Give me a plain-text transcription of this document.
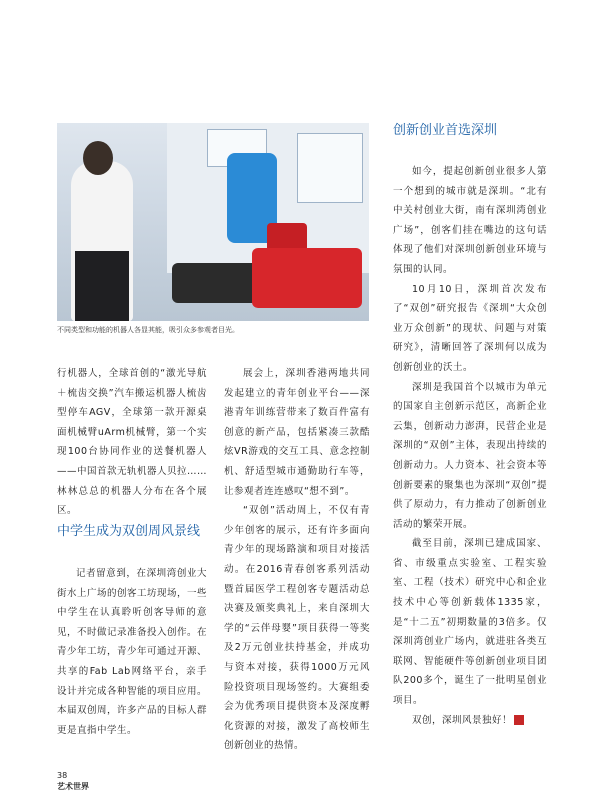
不同类型和功能的机器人各显其能，吸引众多参观者目光。
创新创业首选深圳

如今，提起创新创业很多人第一个想到的城市就是深圳。“北有中关村创业大街，南有深圳湾创业广场”，创客们挂在嘴边的这句话体现了他们对深圳创新创业环境与氛围的认同。

10月10日，深圳首次发布了“双创”研究报告《深圳“大众创业万众创新”的现状、问题与对策研究》，清晰回答了深圳何以成为创新创业的沃土。

深圳是我国首个以城市为单元的国家自主创新示范区，高新企业云集，创新动力澎湃，民营企业是深圳的“双创”主体，表现出持续的创新动力。人力资本、社会资本等创新要素的聚集也为深圳“双创”提供了原动力，有力推动了创新创业活动的繁荣开展。

截至目前，深圳已建成国家、省、市级重点实验室、工程实验室、工程（技术）研究中心和企业技术中心等创新载体1335家，是“十二五”初期数量的3倍多。仅深圳湾创业广场内，就进驻各类互联网、智能硬件等创新创业项目团队200多个，诞生了一批明星创业项目。

双创，深圳风景独好！	W

行机器人，全球首创的“激光导航＋梳齿交换”汽车搬运机器人梳齿型停车AGV，全球第一款开源桌面机械臂uArm机械臂，第一个实现100台协同作业的送餐机器人——中国首款无轨机器人贝拉……林林总总的机器人分布在各个展区。

中学生成为双创周风景线

记者留意到，在深圳湾创业大街水上广场的创客工坊现场，一些中学生在认真聆听创客导师的意见，不时做记录准备投入创作。在青少年工坊，青少年可通过开源、共享的Fab Lab网络平台，亲手设计并完成各种智能的项目应用。本届双创周，许多产品的目标人群更是直指中学生。

展会上，深圳香港两地共同发起建立的青年创业平台——深港青年训练营带来了数百件富有创意的新产品，包括紧凑三款酷炫VR游戏的交互工具、意念控制机、舒适型城市通勤助行车等，让参观者连连感叹“想不到”。

“双创”活动周上，不仅有青少年创客的展示，还有许多面向青少年的现场路演和项目对接活动。在2016青春创客系列活动暨首届医学工程创客专题活动总决赛及颁奖典礼上，来自深圳大学的“云伴母婴”项目获得一等奖及2万元创业扶持基金，并成功与资本对接，获得1000万元风险投资项目现场签约。大赛组委会为优秀项目提供资本及深度孵化资源的对接，激发了高校师生创新创业的热情。

38
艺术世界
